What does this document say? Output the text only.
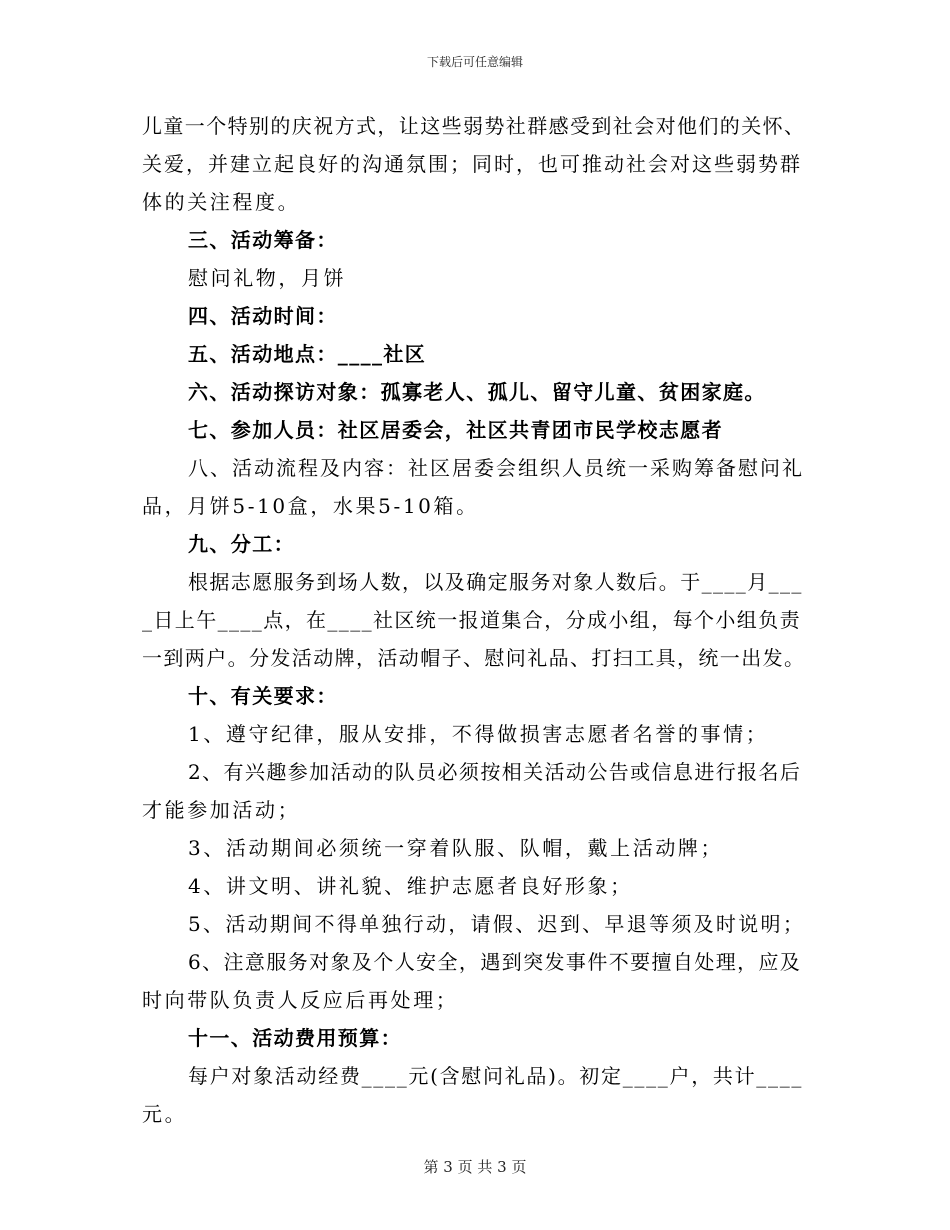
下载后可任意编辑
儿童一个特别的庆祝方式，让这些弱势社群感受到社会对他们的关怀、
关爱，并建立起良好的沟通氛围；同时，也可推动社会对这些弱势群
体的关注程度。
三、活动筹备：
慰问礼物，月饼
四、活动时间：
五、活动地点：____社区
六、活动探访对象：孤寡老人、孤儿、留守儿童、贫困家庭。
七、参加人员：社区居委会，社区共青团市民学校志愿者
八、活动流程及内容：社区居委会组织人员统一采购筹备慰问礼
品，月饼5-10盒，水果5-10箱。
九、分工：
根据志愿服务到场人数，以及确定服务对象人数后。于____月___
_日上午____点，在____社区统一报道集合，分成小组，每个小组负责
一到两户。分发活动牌，活动帽子、慰问礼品、打扫工具，统一出发。
十、有关要求：
1、遵守纪律，服从安排，不得做损害志愿者名誉的事情；
2、有兴趣参加活动的队员必须按相关活动公告或信息进行报名后
才能参加活动；
3、活动期间必须统一穿着队服、队帽，戴上活动牌；
4、讲文明、讲礼貌、维护志愿者良好形象；
5、活动期间不得单独行动，请假、迟到、早退等须及时说明；
6、注意服务对象及个人安全，遇到突发事件不要擅自处理，应及
时向带队负责人反应后再处理；
十一、活动费用预算：
每户对象活动经费____元(含慰问礼品)。初定____户，共计____
元。
第 3 页 共 3 页
